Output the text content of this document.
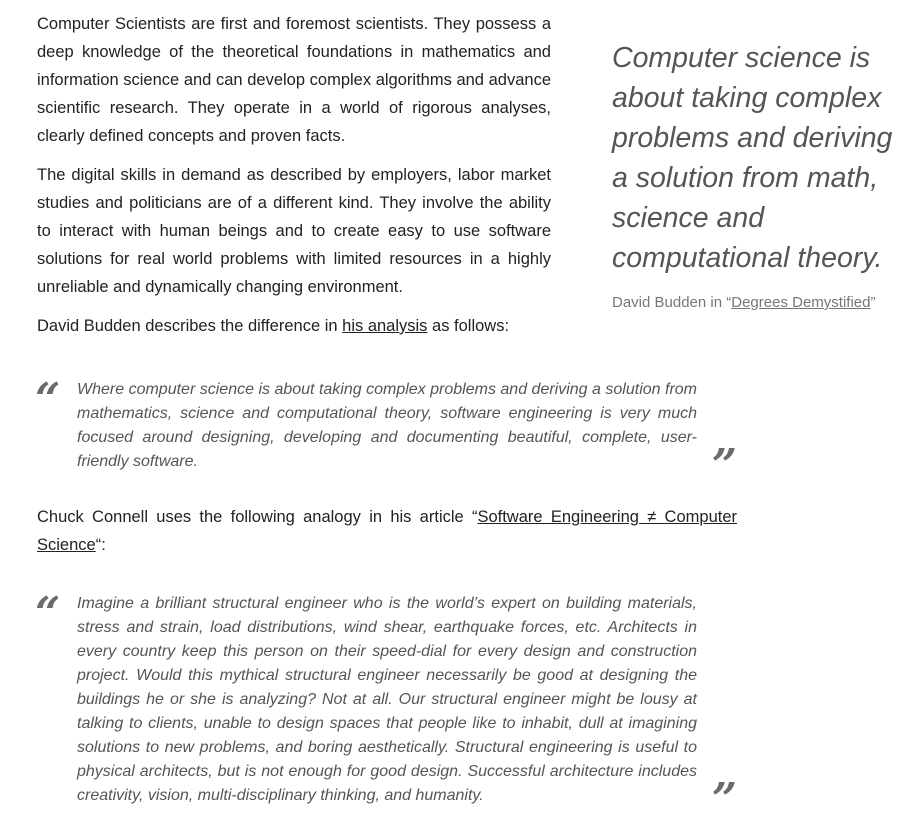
Computer Scientists are first and foremost scientists. They possess a deep knowledge of the theoretical foundations in mathematics and information science and can develop complex algorithms and advance scientific research. They operate in a world of rigorous analyses, clearly defined concepts and proven facts.

The digital skills in demand as described by employers, labor market studies and politicians are of a different kind. They involve the ability to interact with human beings and to create easy to use software solutions for real world problems with limited resources in a highly unreliable and dynamically changing environment.

David Budden describes the difference in his analysis as follows:

“ Where computer science is about taking complex problems and deriving a solution from mathematics, science and computational theory, software engineering is very much focused around designing, developing and documenting beautiful, complete, user-friendly software.	”

Chuck Connell uses the following analogy in his article “Software Engineering ≠ Computer Science“:

“ Imagine a brilliant structural engineer who is the world’s expert on building materials, stress and strain, load distributions, wind shear, earthquake forces, etc. Architects in every country keep this person on their speed-dial for every design and construction project. Would this mythical structural engineer necessarily be good at designing the buildings he or she is analyzing? Not at all. Our structural engineer might be lousy at talking to clients, unable to design spaces that people like to inhabit, dull at imagining solutions to new problems, and boring aesthetically. Structural engineering is useful to physical architects, but is not enough for good design. Successful architecture includes creativity, vision, multi-disciplinary thinking, and humanity.	”

Computer science is about taking complex problems and deriving a solution from math, science and computational theory.

David Budden in “Degrees Demystified”
